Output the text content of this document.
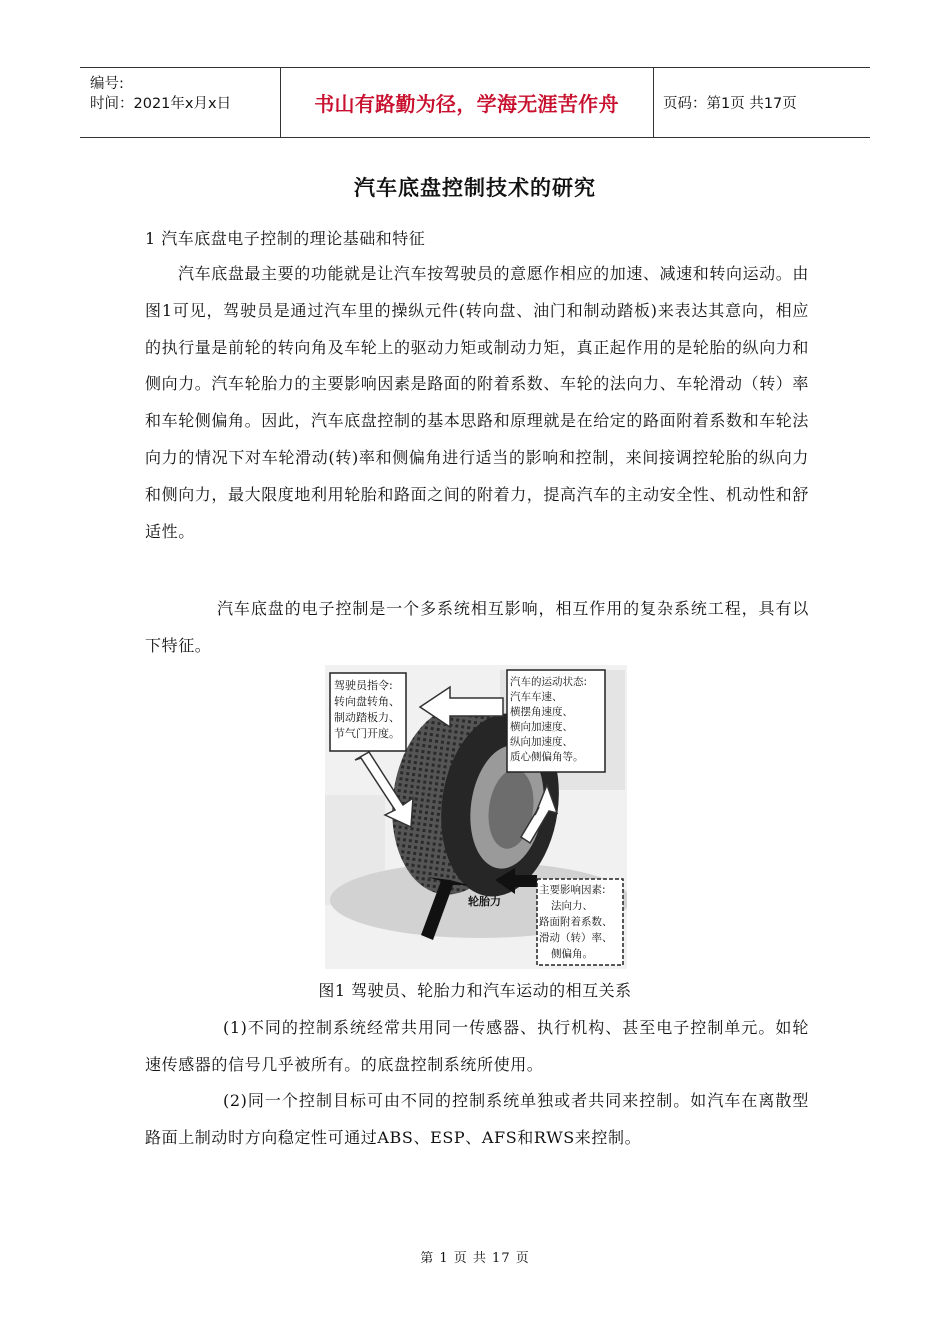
编号:
时间：2021年x月x日	书山有路勤为径，学海无涯苦作舟	页码：第1页 共17页
汽车底盘控制技术的研究
1 汽车底盘电子控制的理论基础和特征

汽车底盘最主要的功能就是让汽车按驾驶员的意愿作相应的加速、减速和转向运动。由图1可见，驾驶员是通过汽车里的操纵元件(转向盘、油门和制动踏板)来表达其意向，相应的执行量是前轮的转向角及车轮上的驱动力矩或制动力矩，真正起作用的是轮胎的纵向力和侧向力。汽车轮胎力的主要影响因素是路面的附着系数、车轮的法向力、车轮滑动（转）率和车轮侧偏角。因此，汽车底盘控制的基本思路和原理就是在给定的路面附着系数和车轮法向力的情况下对车轮滑动(转)率和侧偏角进行适当的影响和控制，来间接调控轮胎的纵向力和侧向力，最大限度地利用轮胎和路面之间的附着力，提高汽车的主动安全性、机动性和舒适性。

汽车底盘的电子控制是一个多系统相互影响，相互作用的复杂系统工程，具有以下特征。

驾驶员指令: 转向盘转角、 制动踏板力、 节气门开度。
汽车的运动状态: 汽车车速、 横摆角速度、 横向加速度、 纵向加速度、 质心侧偏角等。
主要影响因素: 法向力、 路面附着系数、 滑动（转）率、 侧偏角。
轮胎力
图1 驾驶员、轮胎力和汽车运动的相互关系

(1)不同的控制系统经常共用同一传感器、执行机构、甚至电子控制单元。如轮速传感器的信号几乎被所有。的底盘控制系统所使用。

(2)同一个控制目标可由不同的控制系统单独或者共同来控制。如汽车在离散型路面上制动时方向稳定性可通过ABS、ESP、AFS和RWS来控制。

第 1 页 共 17 页
